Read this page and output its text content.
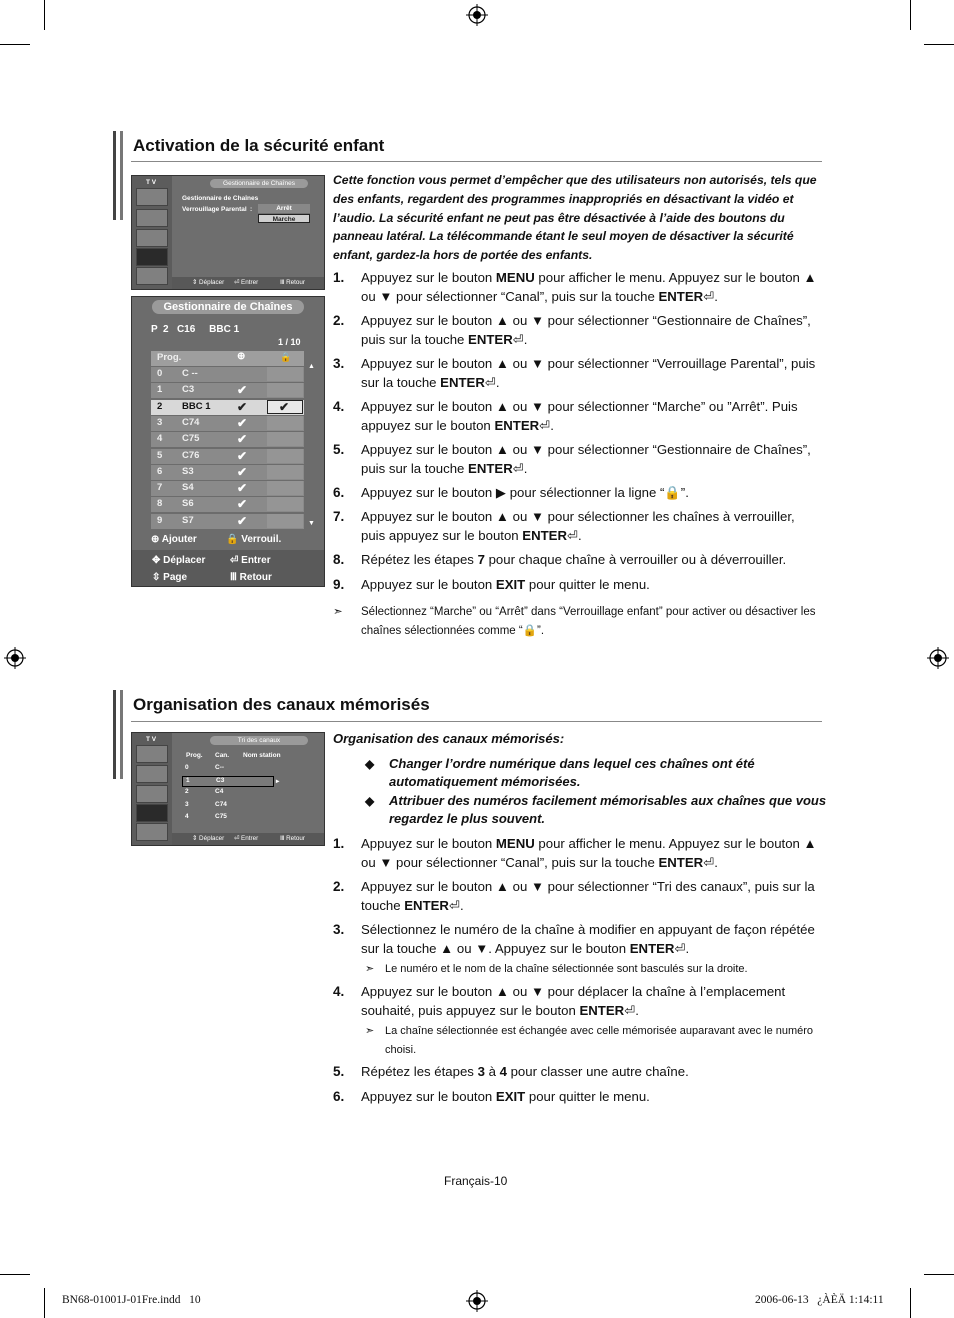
Activation de la sécurité enfant
T V	Gestionnaire de Chaînes
Gestionnaire de Chaînes
Verrouillage Parental :	Arrêt
Marche
⇕ Déplacer ⏎ Entrer	Ⅲ Retour
Gestionnaire de Chaînes
P  2   C16     BBC 1
1 / 10
Prog.	⊕	🔒
0 C --
1 C3	✔
2 BBC 1 ✔	✔
3 C74	✔
4 C75	✔
5 C76	✔
6 S3	✔
7 S4	✔
8 S6	✔
9 S7	✔
▲
▼
⊕ Ajouter	🔒 Verrouil.
✥ Déplacer ⏎ Entrer
⇳ Page	Ⅲ Retour
Cette fonction vous permet d’empêcher que des utilisateurs non autorisés, tels que des enfants, regardent des programmes inappropriés en désactivant la vidéo et l’audio. La sécurité enfant ne peut pas être désactivée à l’aide des boutons du panneau latéral. La télécommande étant le seul moyen de désactiver la sécurité enfant, gardez-la hors de portée des enfants.
1. Appuyez sur le bouton MENU pour afficher le menu. Appuyez sur le bouton ▲ ou ▼ pour sélectionner “Canal”, puis sur la touche ENTER⏎.
2. Appuyez sur le bouton ▲ ou ▼ pour sélectionner “Gestionnaire de Chaînes”, puis sur la touche ENTER⏎.
3. Appuyez sur le bouton ▲ ou ▼ pour sélectionner “Verrouillage Parental”, puis sur la touche ENTER⏎.
4. Appuyez sur le bouton ▲ ou ▼ pour sélectionner “Marche” ou ”Arrêt”. Puis appuyez sur le bouton ENTER⏎.
5. Appuyez sur le bouton ▲ ou ▼ pour sélectionner “Gestionnaire de Chaînes”, puis sur la touche ENTER⏎.
6. Appuyez sur le bouton ▶ pour sélectionner la ligne “🔒”.
7. Appuyez sur le bouton ▲ ou ▼ pour sélectionner les chaînes à verrouiller, puis appuyez sur le bouton ENTER⏎.
8. Répétez les étapes 7 pour chaque chaîne à verrouiller ou à déverrouiller.
9. Appuyez sur le bouton EXIT pour quitter le menu.
➣ Sélectionnez “Marche” ou “Arrêt” dans “Verrouillage enfant” pour activer ou désactiver les chaînes sélectionnées comme “🔒”.
Organisation des canaux mémorisés
T V	Tri des canaux
Prog. Can. Nom station
0	C--
1	C3
2	C4
3	C74
4	C75
▸
⇕ Déplacer ⏎ Entrer	Ⅲ Retour
Organisation des canaux mémorisés:
◆ Changer l’ordre numérique dans lequel ces chaînes ont été automatiquement mémorisées.
◆ Attribuer des numéros facilement mémorisables aux chaînes que vous regardez le plus souvent.
1. Appuyez sur le bouton MENU pour afficher le menu. Appuyez sur le bouton ▲ ou ▼ pour sélectionner “Canal”, puis sur la touche ENTER⏎.
2. Appuyez sur le bouton ▲ ou ▼ pour sélectionner “Tri des canaux”, puis sur la touche ENTER⏎.
3. Sélectionnez le numéro de la chaîne à modifier en appuyant de façon répétée sur la touche ▲ ou ▼. Appuyez sur le bouton ENTER⏎.
4. Appuyez sur le bouton ▲ ou ▼ pour déplacer la chaîne à l’emplacement souhaité, puis appuyez sur le bouton ENTER⏎.
5. Répétez les étapes 3 à 4 pour classer une autre chaîne.
6. Appuyez sur le bouton EXIT pour quitter le menu.
➣ Le numéro et le nom de la chaîne sélectionnée sont basculés sur la droite.
➣ La chaîne sélectionnée est échangée avec celle mémorisée auparavant avec le numéro choisi.
Français-10
BN68-01001J-01Fre.indd   10	2006-06-13   ¿ÀÈÄ 1:14:11
